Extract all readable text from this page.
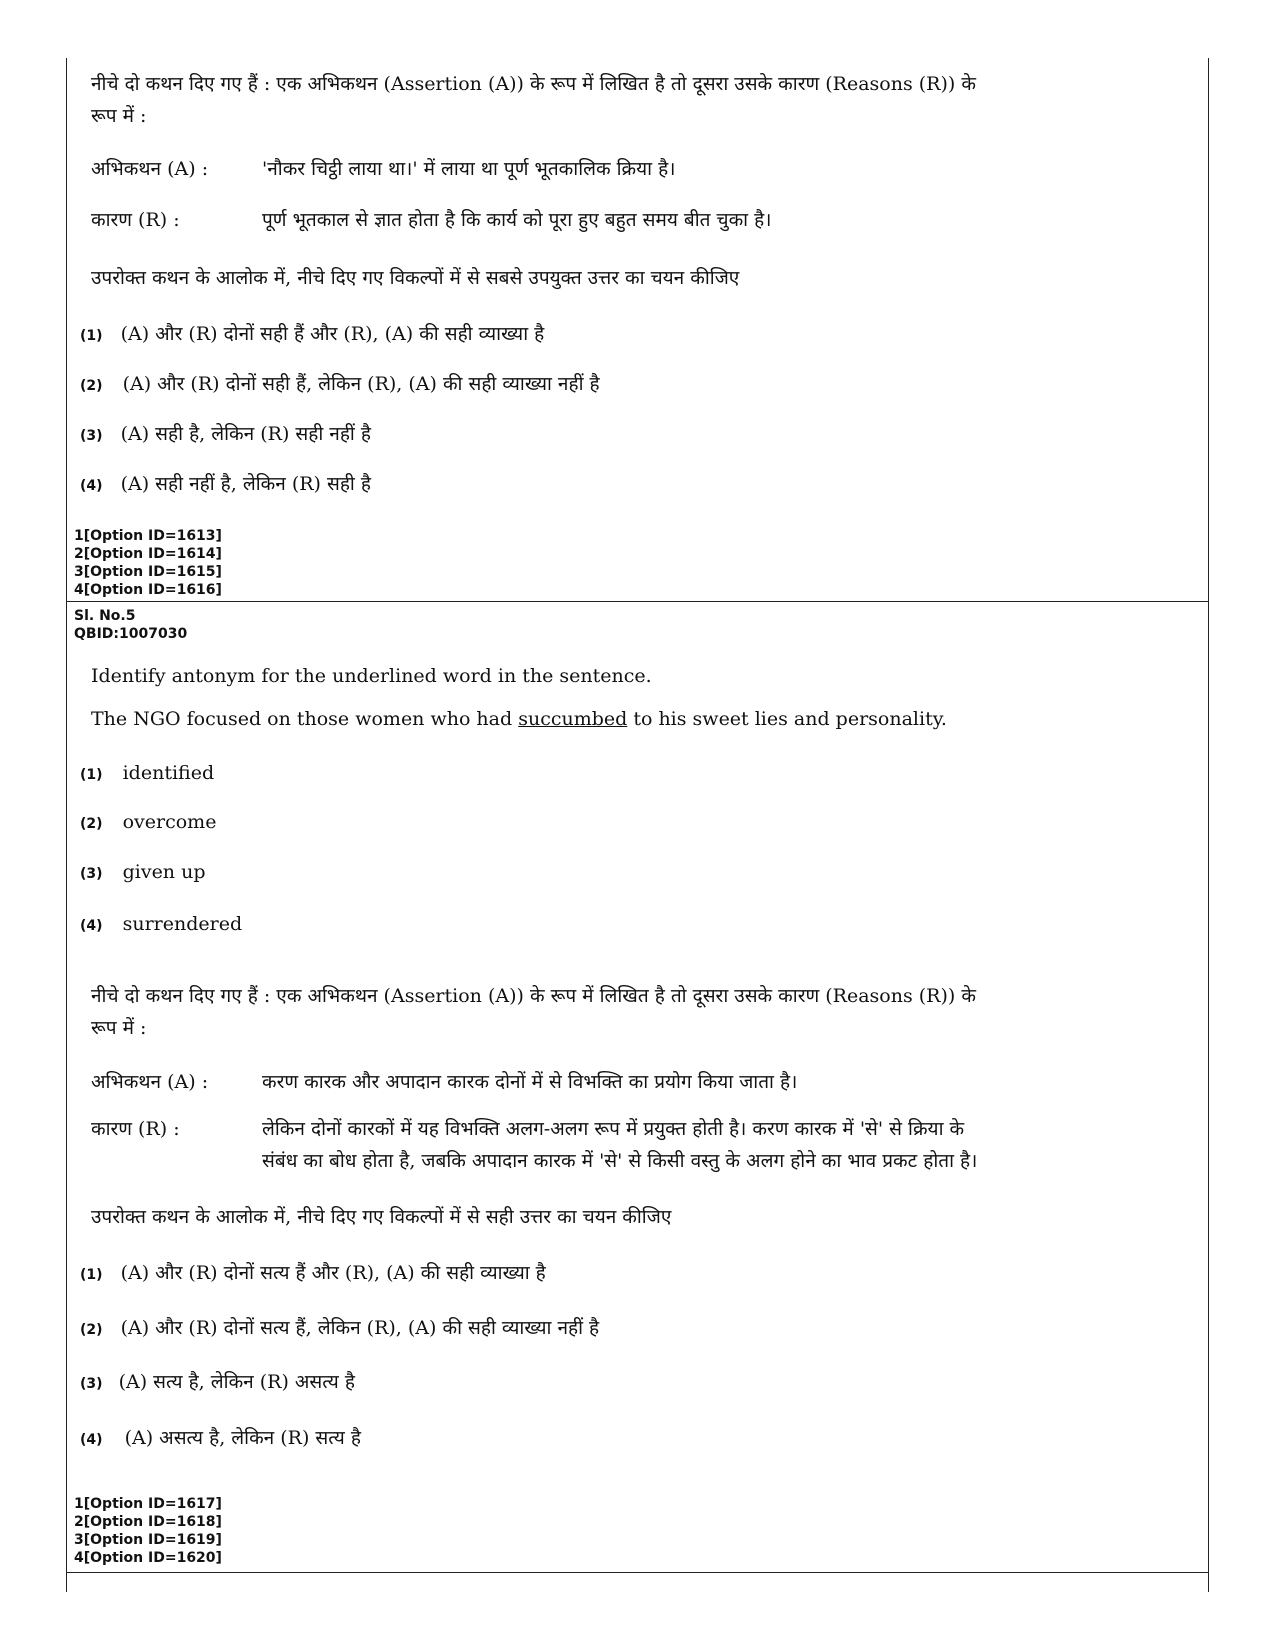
नीचे दो कथन दिए गए हैं : एक अभिकथन (Assertion (A)) के रूप में लिखित है तो दूसरा उसके कारण (Reasons (R)) के
रूप में :
अभिकथन (A) :	'नौकर चिट्ठी लाया था।' में लाया था पूर्ण भूतकालिक क्रिया है।
कारण (R) :	पूर्ण भूतकाल से ज्ञात होता है कि कार्य को पूरा हुए बहुत समय बीत चुका है।
उपरोक्त कथन के आलोक में, नीचे दिए गए विकल्पों में से सबसे उपयुक्त उत्तर का चयन कीजिए
(1) (A) और (R) दोनों सही हैं और (R), (A) की सही व्याख्या है
(2) (A) और (R) दोनों सही हैं, लेकिन (R), (A) की सही व्याख्या नहीं है
(3) (A) सही है, लेकिन (R) सही नहीं है
(4) (A) सही नहीं है, लेकिन (R) सही है
1[Option ID=1613]
2[Option ID=1614]
3[Option ID=1615]
4[Option ID=1616]
Sl. No.5
QBID:1007030
Identify antonym for the underlined word in the sentence.
The NGO focused on those women who had succumbed to his sweet lies and personality.
(1) identified
(2) overcome
(3) given up
(4) surrendered
नीचे दो कथन दिए गए हैं : एक अभिकथन (Assertion (A)) के रूप में लिखित है तो दूसरा उसके कारण (Reasons (R)) के
रूप में :
अभिकथन (A) :	करण कारक और अपादान कारक दोनों में से विभक्ति का प्रयोग किया जाता है।
कारण (R) :	लेकिन दोनों कारकों में यह विभक्ति अलग-अलग रूप में प्रयुक्त होती है। करण कारक में 'से' से क्रिया के
संबंध का बोध होता है, जबकि अपादान कारक में 'से' से किसी वस्तु के अलग होने का भाव प्रकट होता है।
उपरोक्त कथन के आलोक में, नीचे दिए गए विकल्पों में से सही उत्तर का चयन कीजिए
(1) (A) और (R) दोनों सत्य हैं और (R), (A) की सही व्याख्या है
(2) (A) और (R) दोनों सत्य हैं, लेकिन (R), (A) की सही व्याख्या नहीं है
(3) (A) सत्य है, लेकिन (R) असत्य है
(4) (A) असत्य है, लेकिन (R) सत्य है
1[Option ID=1617]
2[Option ID=1618]
3[Option ID=1619]
4[Option ID=1620]
